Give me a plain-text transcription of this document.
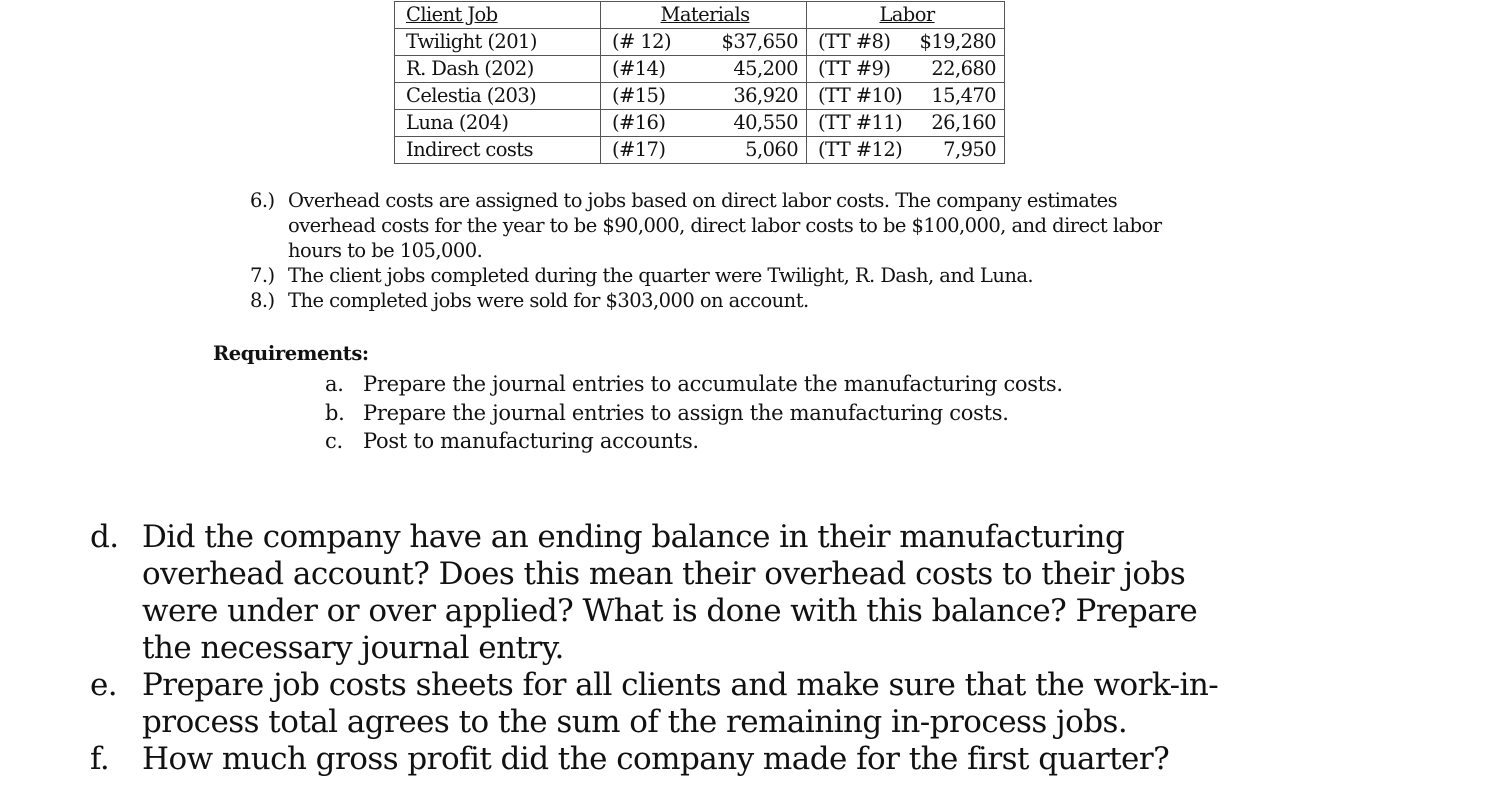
Client Job	Materials	Labor
Twilight (201)	(# 12) $37,650	(TT #8) $19,280

R. Dash (202)	(#14) 45,200	(TT #9) 22,680

Celestia (203)	(#15) 36,920	(TT #10) 15,470

Luna (204)	(#16) 40,550	(TT #11) 26,160

Indirect costs	(#17) 5,060	(TT #12) 7,950
6.) Overhead costs are assigned to jobs based on direct labor costs. The company estimates overhead costs for the year to be $90,000, direct labor costs to be $100,000, and direct labor hours to be 105,000.
7.) The client jobs completed during the quarter were Twilight, R. Dash, and Luna.
8.) The completed jobs were sold for $303,000 on account.
Requirements:
a. Prepare the journal entries to accumulate the manufacturing costs.
b. Prepare the journal entries to assign the manufacturing costs.
c. Post to manufacturing accounts.
d. Did the company have an ending balance in their manufacturing overhead account? Does this mean their overhead costs to their jobs were under or over applied? What is done with this balance? Prepare the necessary journal entry.
e. Prepare job costs sheets for all clients and make sure that the work-in-process total agrees to the sum of the remaining in-process jobs.
f.	How much gross profit did the company made for the first quarter?
